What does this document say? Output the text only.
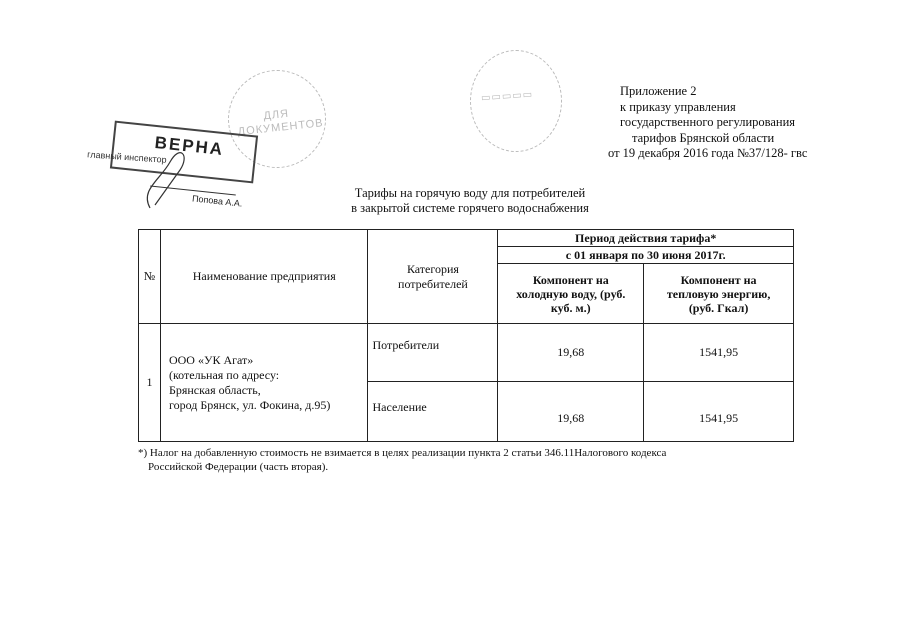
Приложение 2
к приказу управления
государственного регулирования
тарифов Брянской области
от 19 декабря 2016 года №37/128- гвс
ДЛЯ ДОКУМЕНТОВ
▭▭▭▭▭
ВЕРНА
главный инспектор
Попова А.А.
Тарифы на горячую воду для потребителей
в закрытой системе горячего водоснабжения
№	Наименование предприятия	Категория потребителей	Период действия тарифа*	
			с 01 января по 30 июня 2017г.	
			Компонент на холодную воду, (руб. куб. м.)	Компонент на тепловую энергию, (руб. Гкал)
1	ООО «УК Агат»
(котельная по адресу:
Брянская область,
город Брянск, ул. Фокина, д.95)	Потребители	19,68	1541,95
		Население	19,68	1541,95
*) Налог на добавленную стоимость не взимается в целях реализации пункта 2 статьи 346.11Налогового кодекса
Российской Федерации (часть вторая).
